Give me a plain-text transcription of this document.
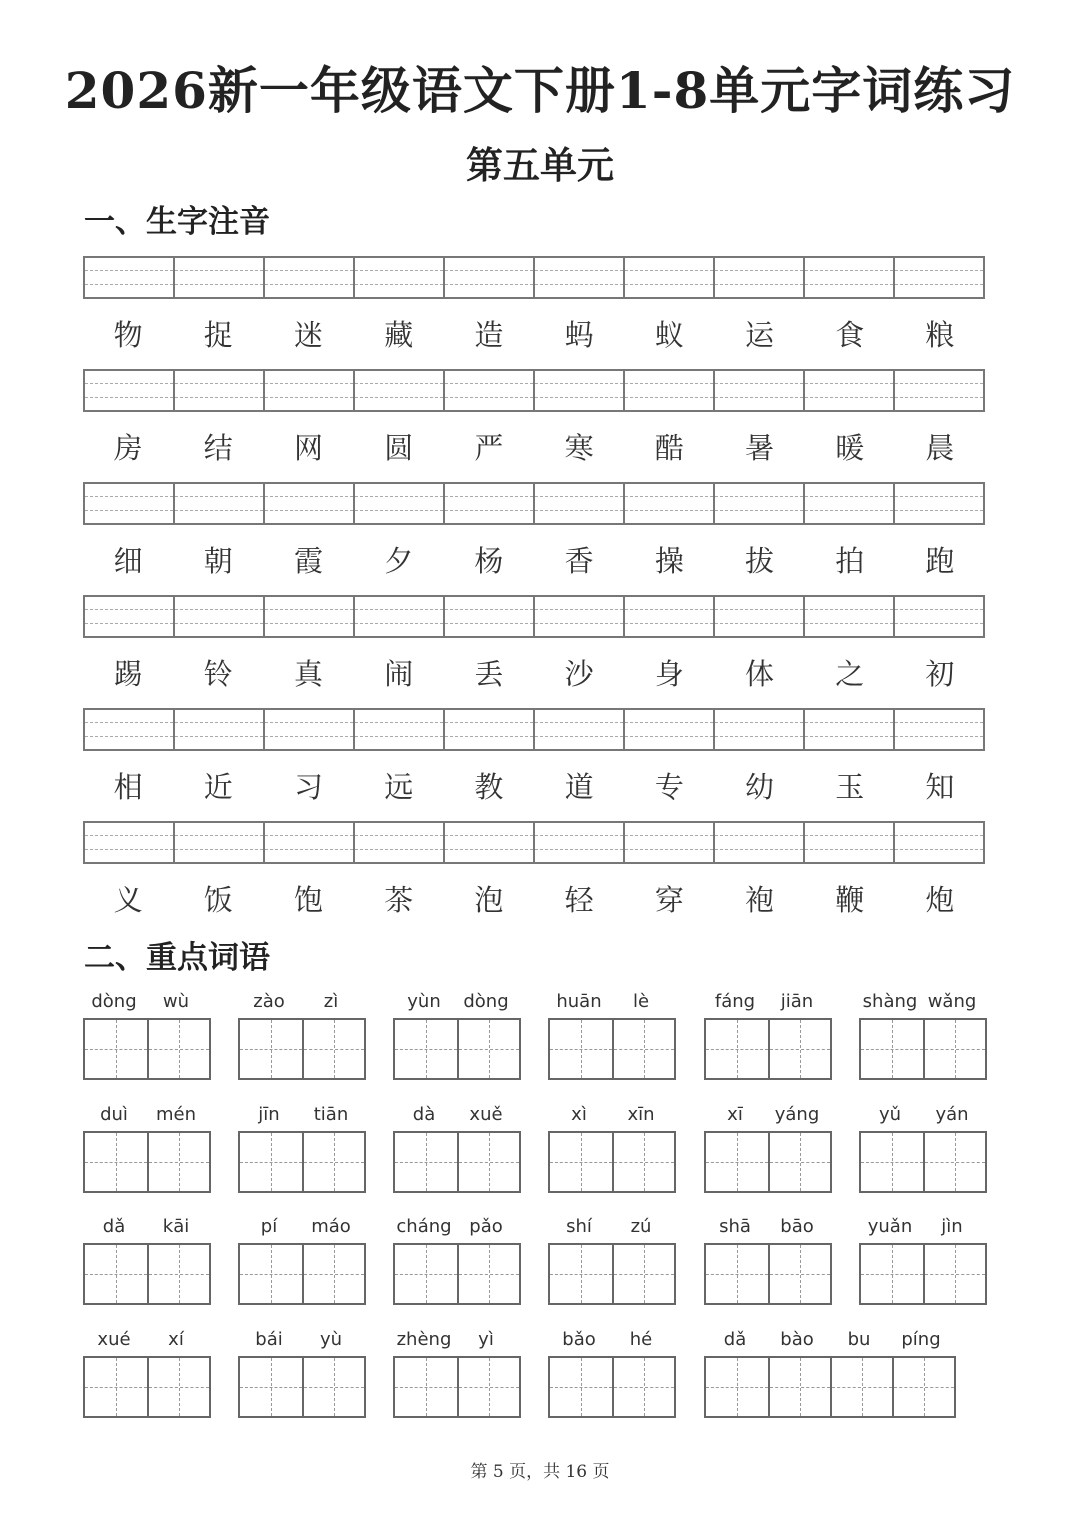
2026新一年级语文下册1-8单元字词练习
第五单元
一、生字注音
二、重点词语
物	捉	迷	藏	造	蚂	蚁	运	食	粮
房	结	网	圆	严	寒	酷	暑	暖	晨
细	朝	霞	夕	杨	香	操	拔	拍	跑
踢	铃	真	闹	丢	沙	身	体	之	初
相	近	习	远	教	道	专	幼	玉	知
义	饭	饱	茶	泡	轻	穿	袍	鞭	炮
dòng	wù	zào	zì	yùn	dòng	huān	lè	fáng	jiān	shàng wǎng
duì	mén	jīn	tiān	dà	xuě	xì	xīn	xī	yáng	yǔ	yán
dǎ	kāi	pí	máo	cháng pǎo	shí	zú	shā	bāo	yuǎn	jìn
xué	xí	bái	yù	zhèng	yì	bǎo	hé	dǎ	bào	bu	píng
第 5 页，共 16 页
